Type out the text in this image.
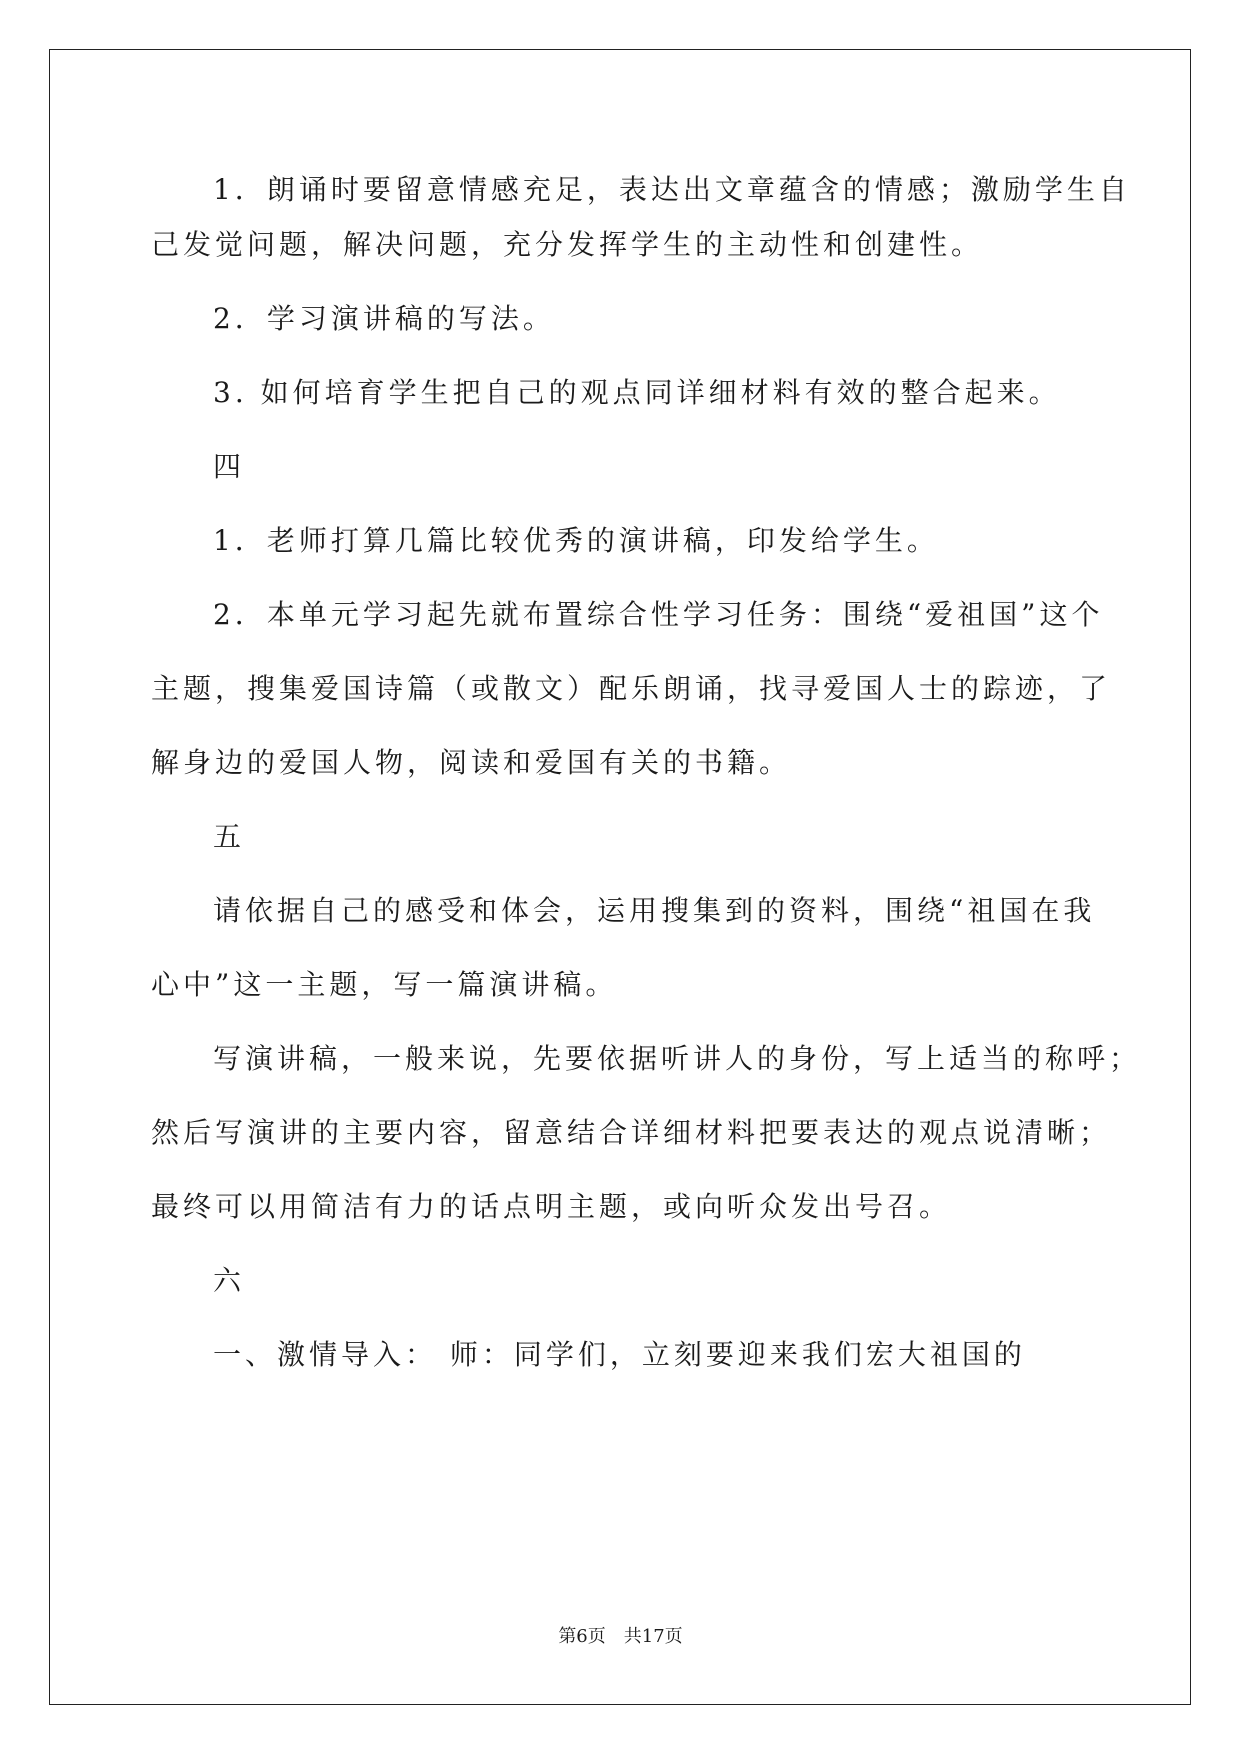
1．朗诵时要留意情感充足，表达出文章蕴含的情感；激励学生自

己发觉问题，解决问题，充分发挥学生的主动性和创建性。

2．学习演讲稿的写法。

3. 如何培育学生把自己的观点同详细材料有效的整合起来。

四

1．老师打算几篇比较优秀的演讲稿，印发给学生。

2．本单元学习起先就布置综合性学习任务：围绕“爱祖国”这个

主题，搜集爱国诗篇（或散文）配乐朗诵，找寻爱国人士的踪迹，了

解身边的爱国人物，阅读和爱国有关的书籍。

五

请依据自己的感受和体会，运用搜集到的资料，围绕“祖国在我

心中”这一主题，写一篇演讲稿。

写演讲稿，一般来说，先要依据听讲人的身份，写上适当的称呼；

然后写演讲的主要内容，留意结合详细材料把要表达的观点说清晰；

最终可以用简洁有力的话点明主题，或向听众发出号召。

六

一、激情导入： 师：同学们，立刻要迎来我们宏大祖国的

第6页 共17页
